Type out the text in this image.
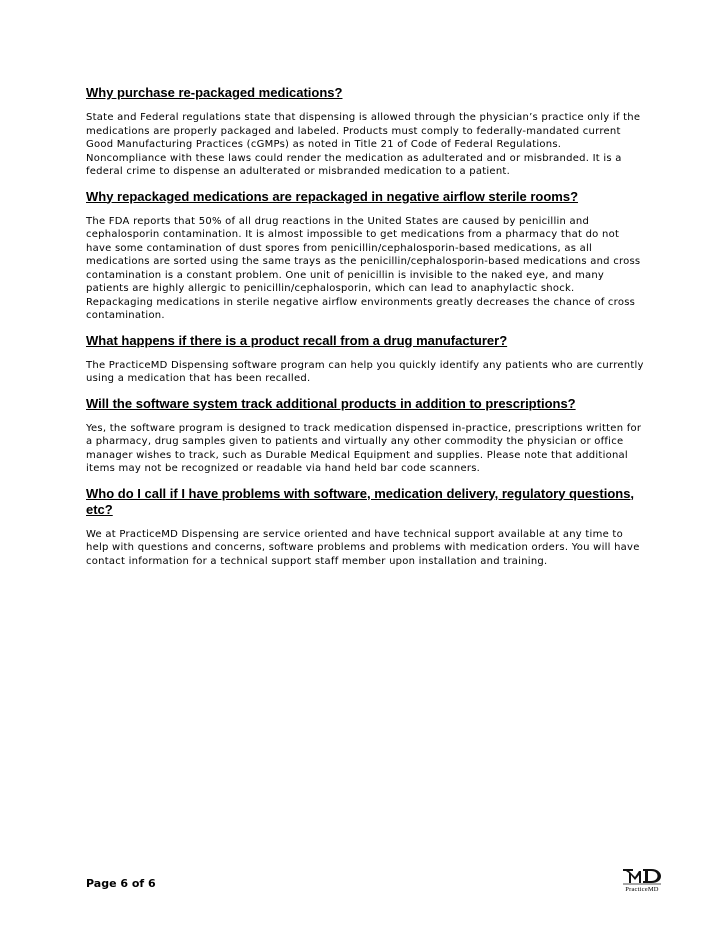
Why purchase re-packaged medications?
State and Federal regulations state that dispensing is allowed through the physician’s practice only if the medications are properly packaged and labeled. Products must comply to federally-mandated current Good Manufacturing Practices (cGMPs) as noted in Title 21 of Code of Federal Regulations. Noncompliance with these laws could render the medication as adulterated and or misbranded. It is a federal crime to dispense an adulterated or misbranded medication to a patient.
Why repackaged medications are repackaged in negative airflow sterile rooms?
The FDA reports that 50% of all drug reactions in the United States are caused by penicillin and cephalosporin contamination. It is almost impossible to get medications from a pharmacy that do not have some contamination of dust spores from penicillin/cephalosporin-based medications, as all medications are sorted using the same trays as the penicillin/cephalosporin-based medications and cross contamination is a constant problem. One unit of penicillin is invisible to the naked eye, and many patients are highly allergic to penicillin/cephalosporin, which can lead to anaphylactic shock. Repackaging medications in sterile negative airflow environments greatly decreases the chance of cross contamination.
What happens if there is a product recall from a drug manufacturer?
The PracticeMD Dispensing software program can help you quickly identify any patients who are currently using a medication that has been recalled.
Will the software system track additional products in addition to prescriptions?
Yes, the software program is designed to track medication dispensed in-practice, prescriptions written for a pharmacy, drug samples given to patients and virtually any other commodity the physician or office manager wishes to track, such as Durable Medical Equipment and supplies. Please note that additional items may not be recognized or readable via hand held bar code scanners.
Who do I call if I have problems with software, medication delivery, regulatory questions, etc?
We at PracticeMD Dispensing are service oriented and have technical support available at any time to help with questions and concerns, software problems and problems with medication orders. You will have contact information for a technical support staff member upon installation and training.
Page 6 of 6	PracticeMD
